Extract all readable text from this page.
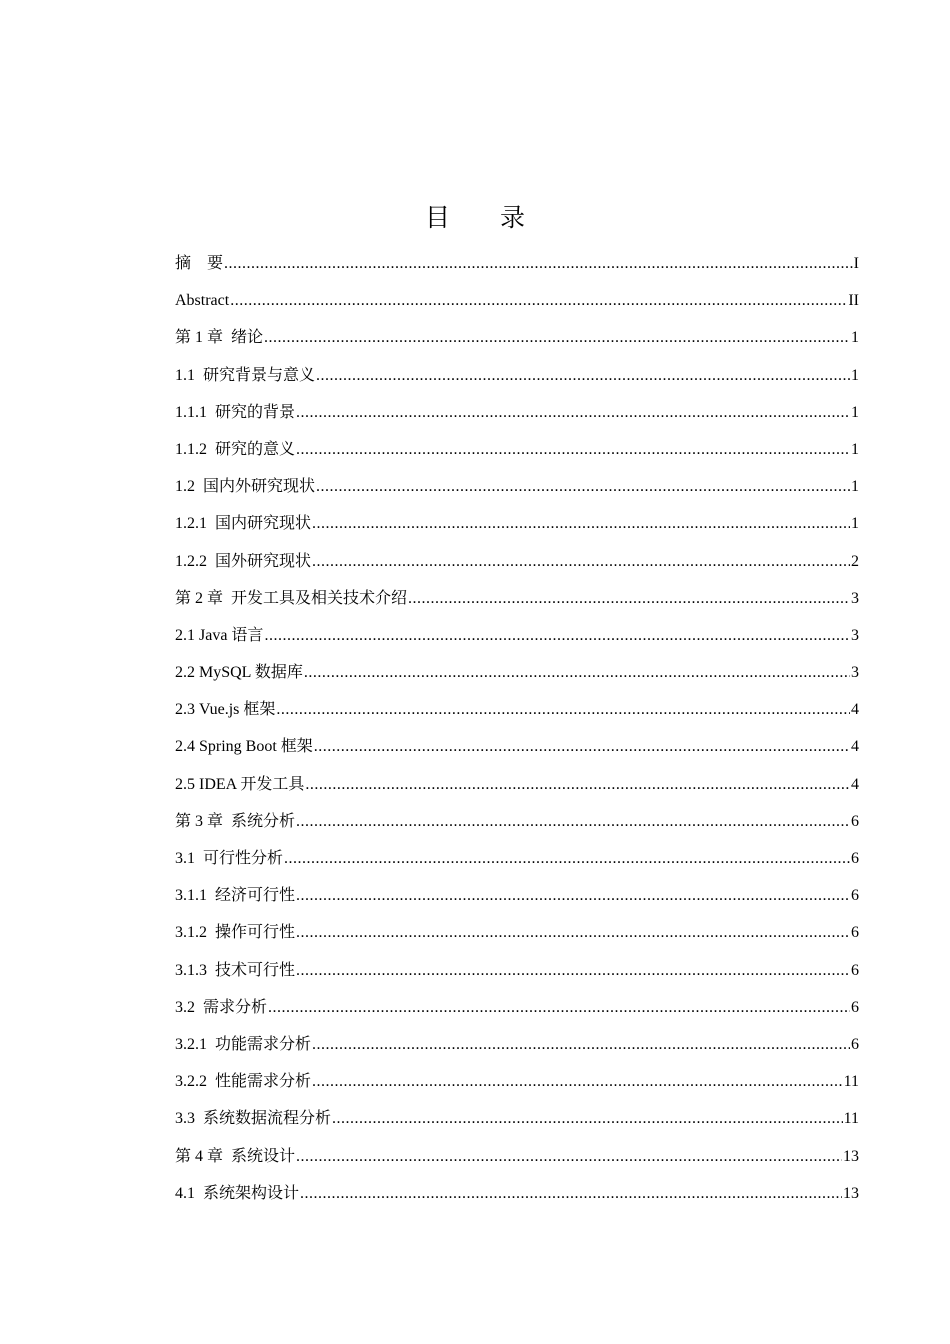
目 录
摘　要 .....	I
Abstract .....	II
第 1 章 绪论 .....	1
1.1 研究背景与意义 .....	1
1.1.1 研究的背景 .....	1
1.1.2 研究的意义 .....	1
1.2 国内外研究现状 .....	1
1.2.1 国内研究现状 .....	1
1.2.2 国外研究现状 .....	2
第 2 章 开发工具及相关技术介绍 .....	3
2.1 Java 语言 .....	3
2.2 MySQL 数据库 .....	3
2.3 Vue.js 框架 .....	4
2.4 Spring Boot 框架 .....	4
2.5 IDEA 开发工具 .....	4
第 3 章 系统分析 .....	6
3.1 可行性分析 .....	6
3.1.1 经济可行性 .....	6
3.1.2 操作可行性 .....	6
3.1.3 技术可行性 .....	6
3.2 需求分析 .....	6
3.2.1 功能需求分析 .....	6
3.2.2 性能需求分析 .....	11
3.3 系统数据流程分析 .....	11
第 4 章 系统设计 .....	13
4.1 系统架构设计 .....	13
